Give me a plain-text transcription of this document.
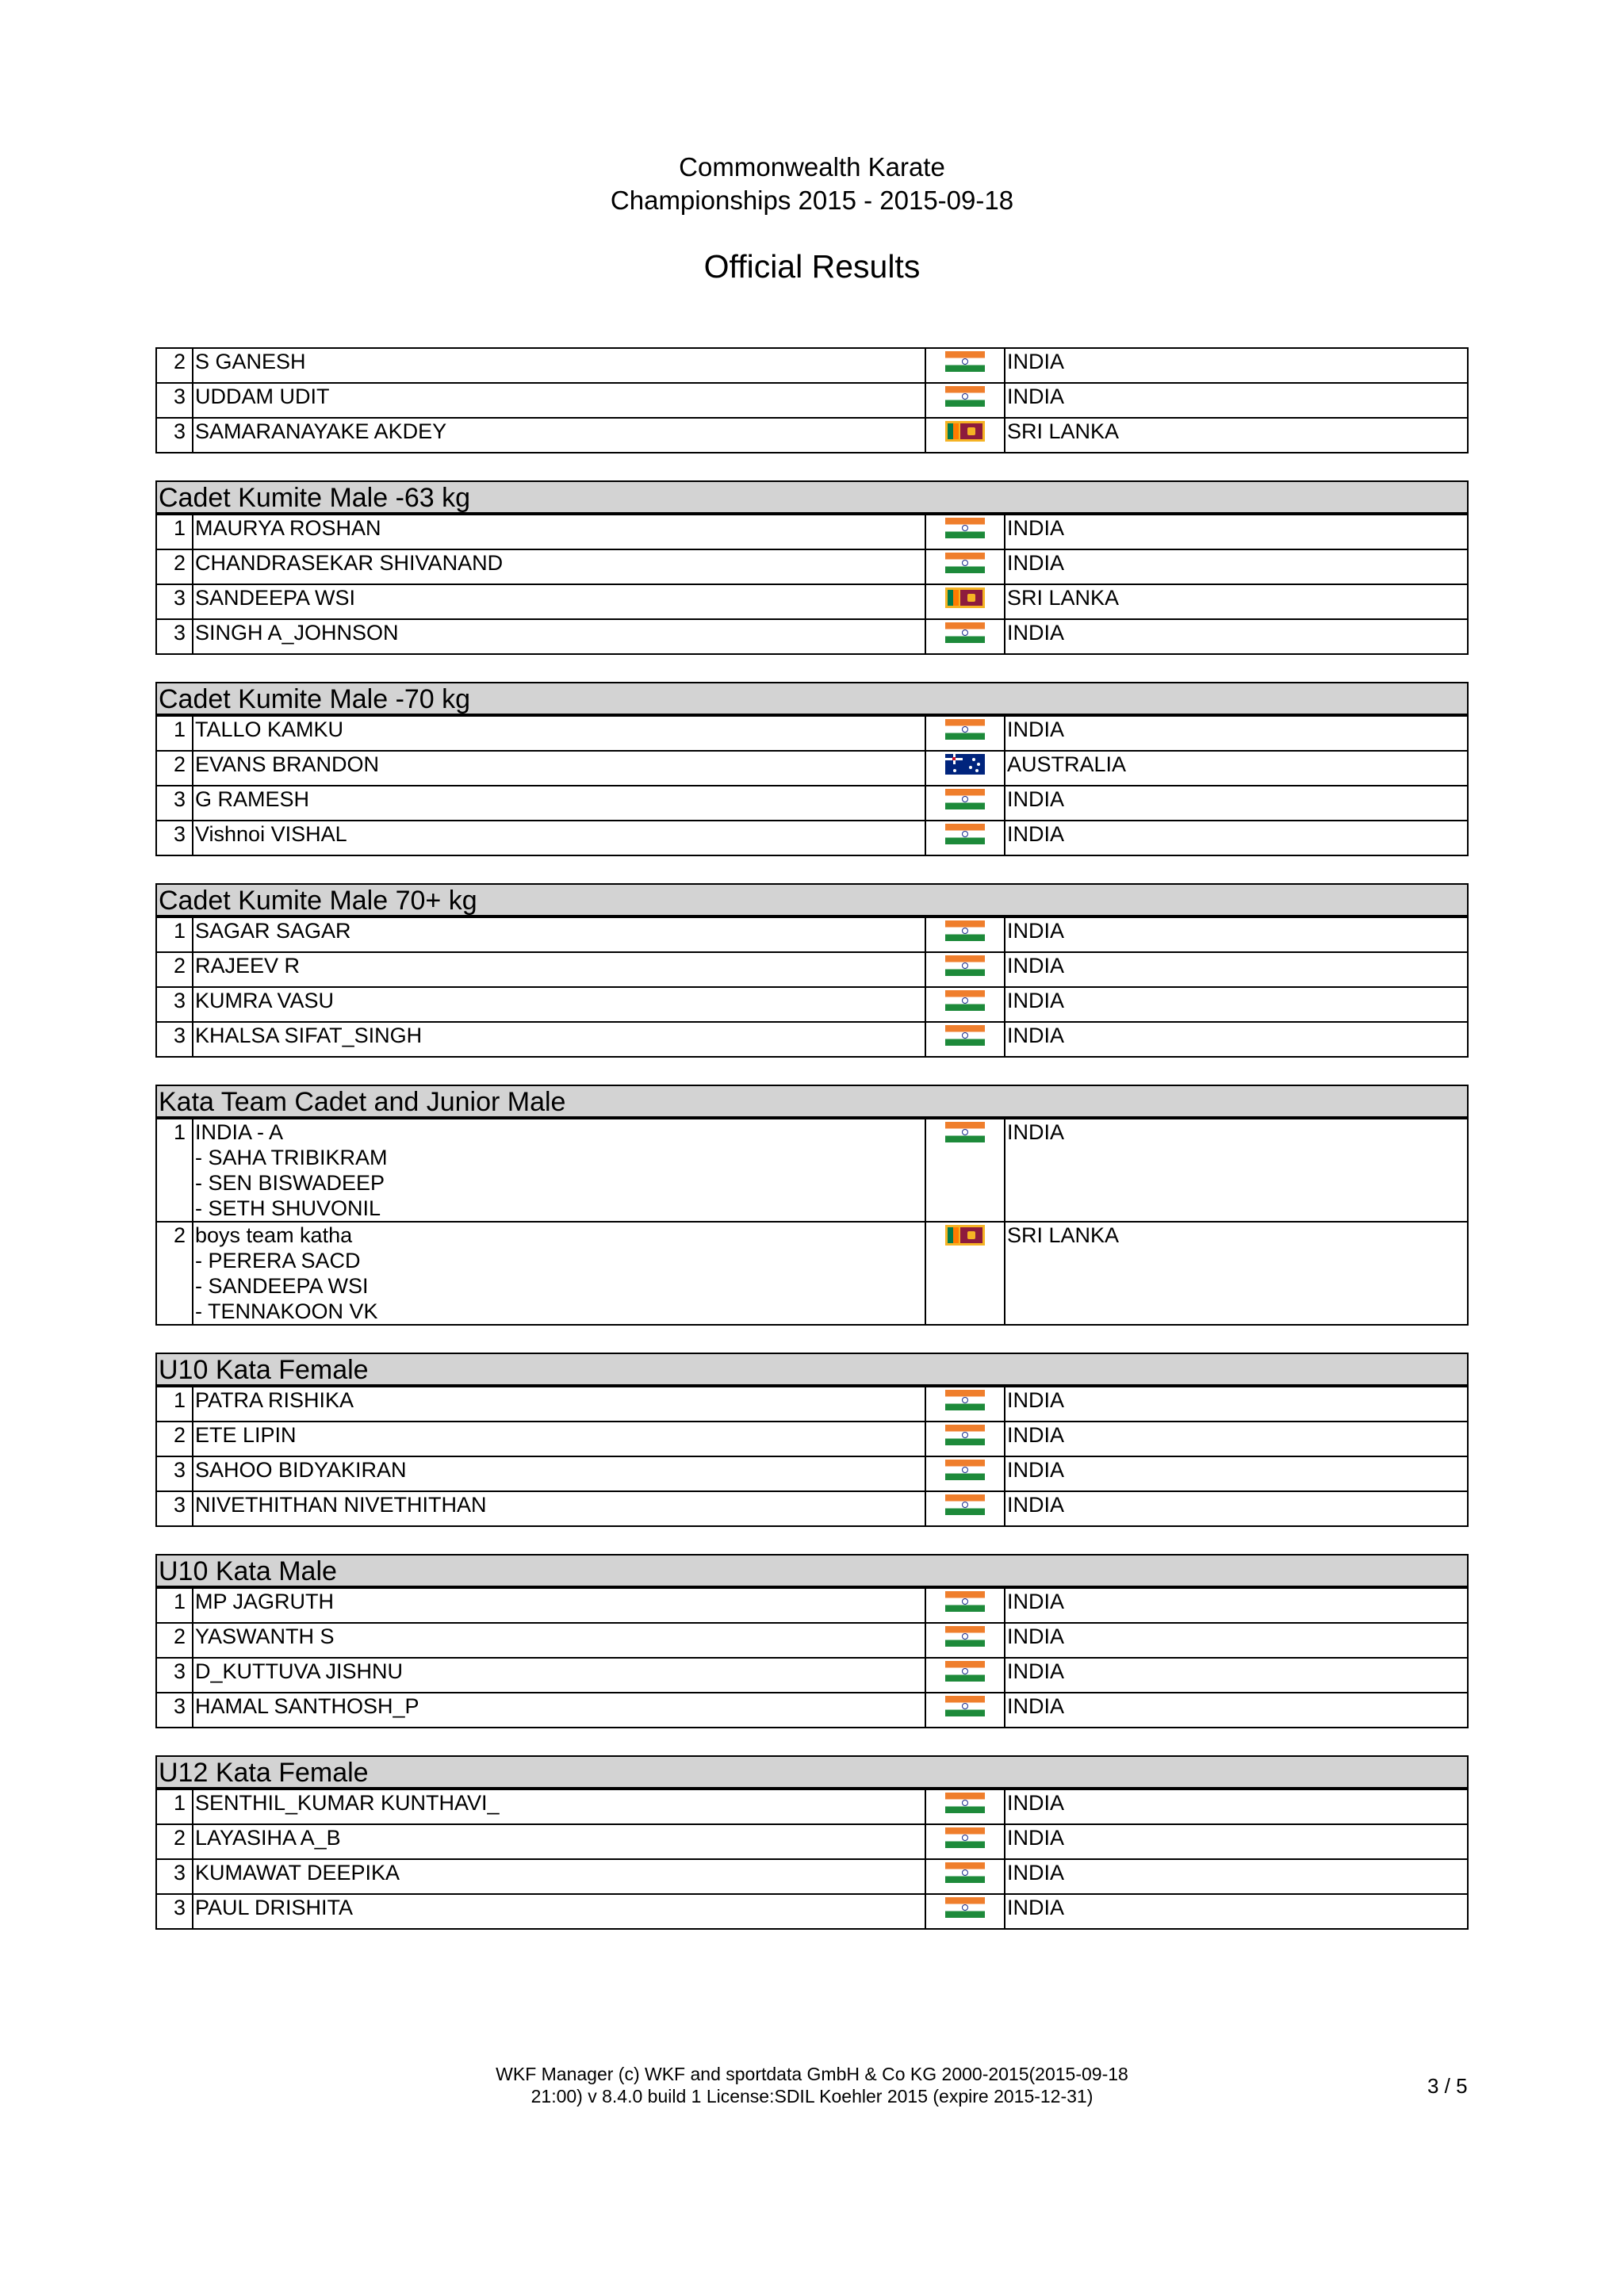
Commonwealth Karate
Championships 2015 - 2015-09-18
Official Results
2	S GANESH		INDIA
3	UDDAM UDIT		INDIA
3	SAMARANAYAKE AKDEY		SRI LANKA
Cadet Kumite Male -63 kg
1	MAURYA ROSHAN		INDIA
2	CHANDRASEKAR SHIVANAND		INDIA
3	SANDEEPA WSI		SRI LANKA
3	SINGH A_JOHNSON		INDIA
Cadet Kumite Male -70 kg
1	TALLO KAMKU		INDIA
2	EVANS BRANDON		AUSTRALIA
3	G RAMESH		INDIA
3	Vishnoi VISHAL		INDIA
Cadet Kumite Male 70+ kg
1	SAGAR SAGAR		INDIA
2	RAJEEV R		INDIA
3	KUMRA VASU		INDIA
3	KHALSA SIFAT_SINGH		INDIA
Kata Team Cadet and Junior Male
1	INDIA - A
- SAHA TRIBIKRAM
- SEN BISWADEEP
- SETH SHUVONIL		INDIA
2	boys team katha
- PERERA SACD
- SANDEEPA WSI
- TENNAKOON VK		SRI LANKA
U10 Kata Female
1	PATRA RISHIKA		INDIA
2	ETE LIPIN		INDIA
3	SAHOO BIDYAKIRAN		INDIA
3	NIVETHITHAN NIVETHITHAN		INDIA
U10 Kata Male
1	MP JAGRUTH		INDIA
2	YASWANTH S		INDIA
3	D_KUTTUVA JISHNU		INDIA
3	HAMAL SANTHOSH_P		INDIA
U12 Kata Female
1	SENTHIL_KUMAR KUNTHAVI_		INDIA
2	LAYASIHA A_B		INDIA
3	KUMAWAT DEEPIKA		INDIA
3	PAUL DRISHITA		INDIA
WKF Manager (c) WKF and sportdata GmbH & Co KG 2000-2015(2015-09-18
21:00) v 8.4.0 build 1 License:SDIL Koehler 2015 (expire 2015-12-31)	3 / 5
